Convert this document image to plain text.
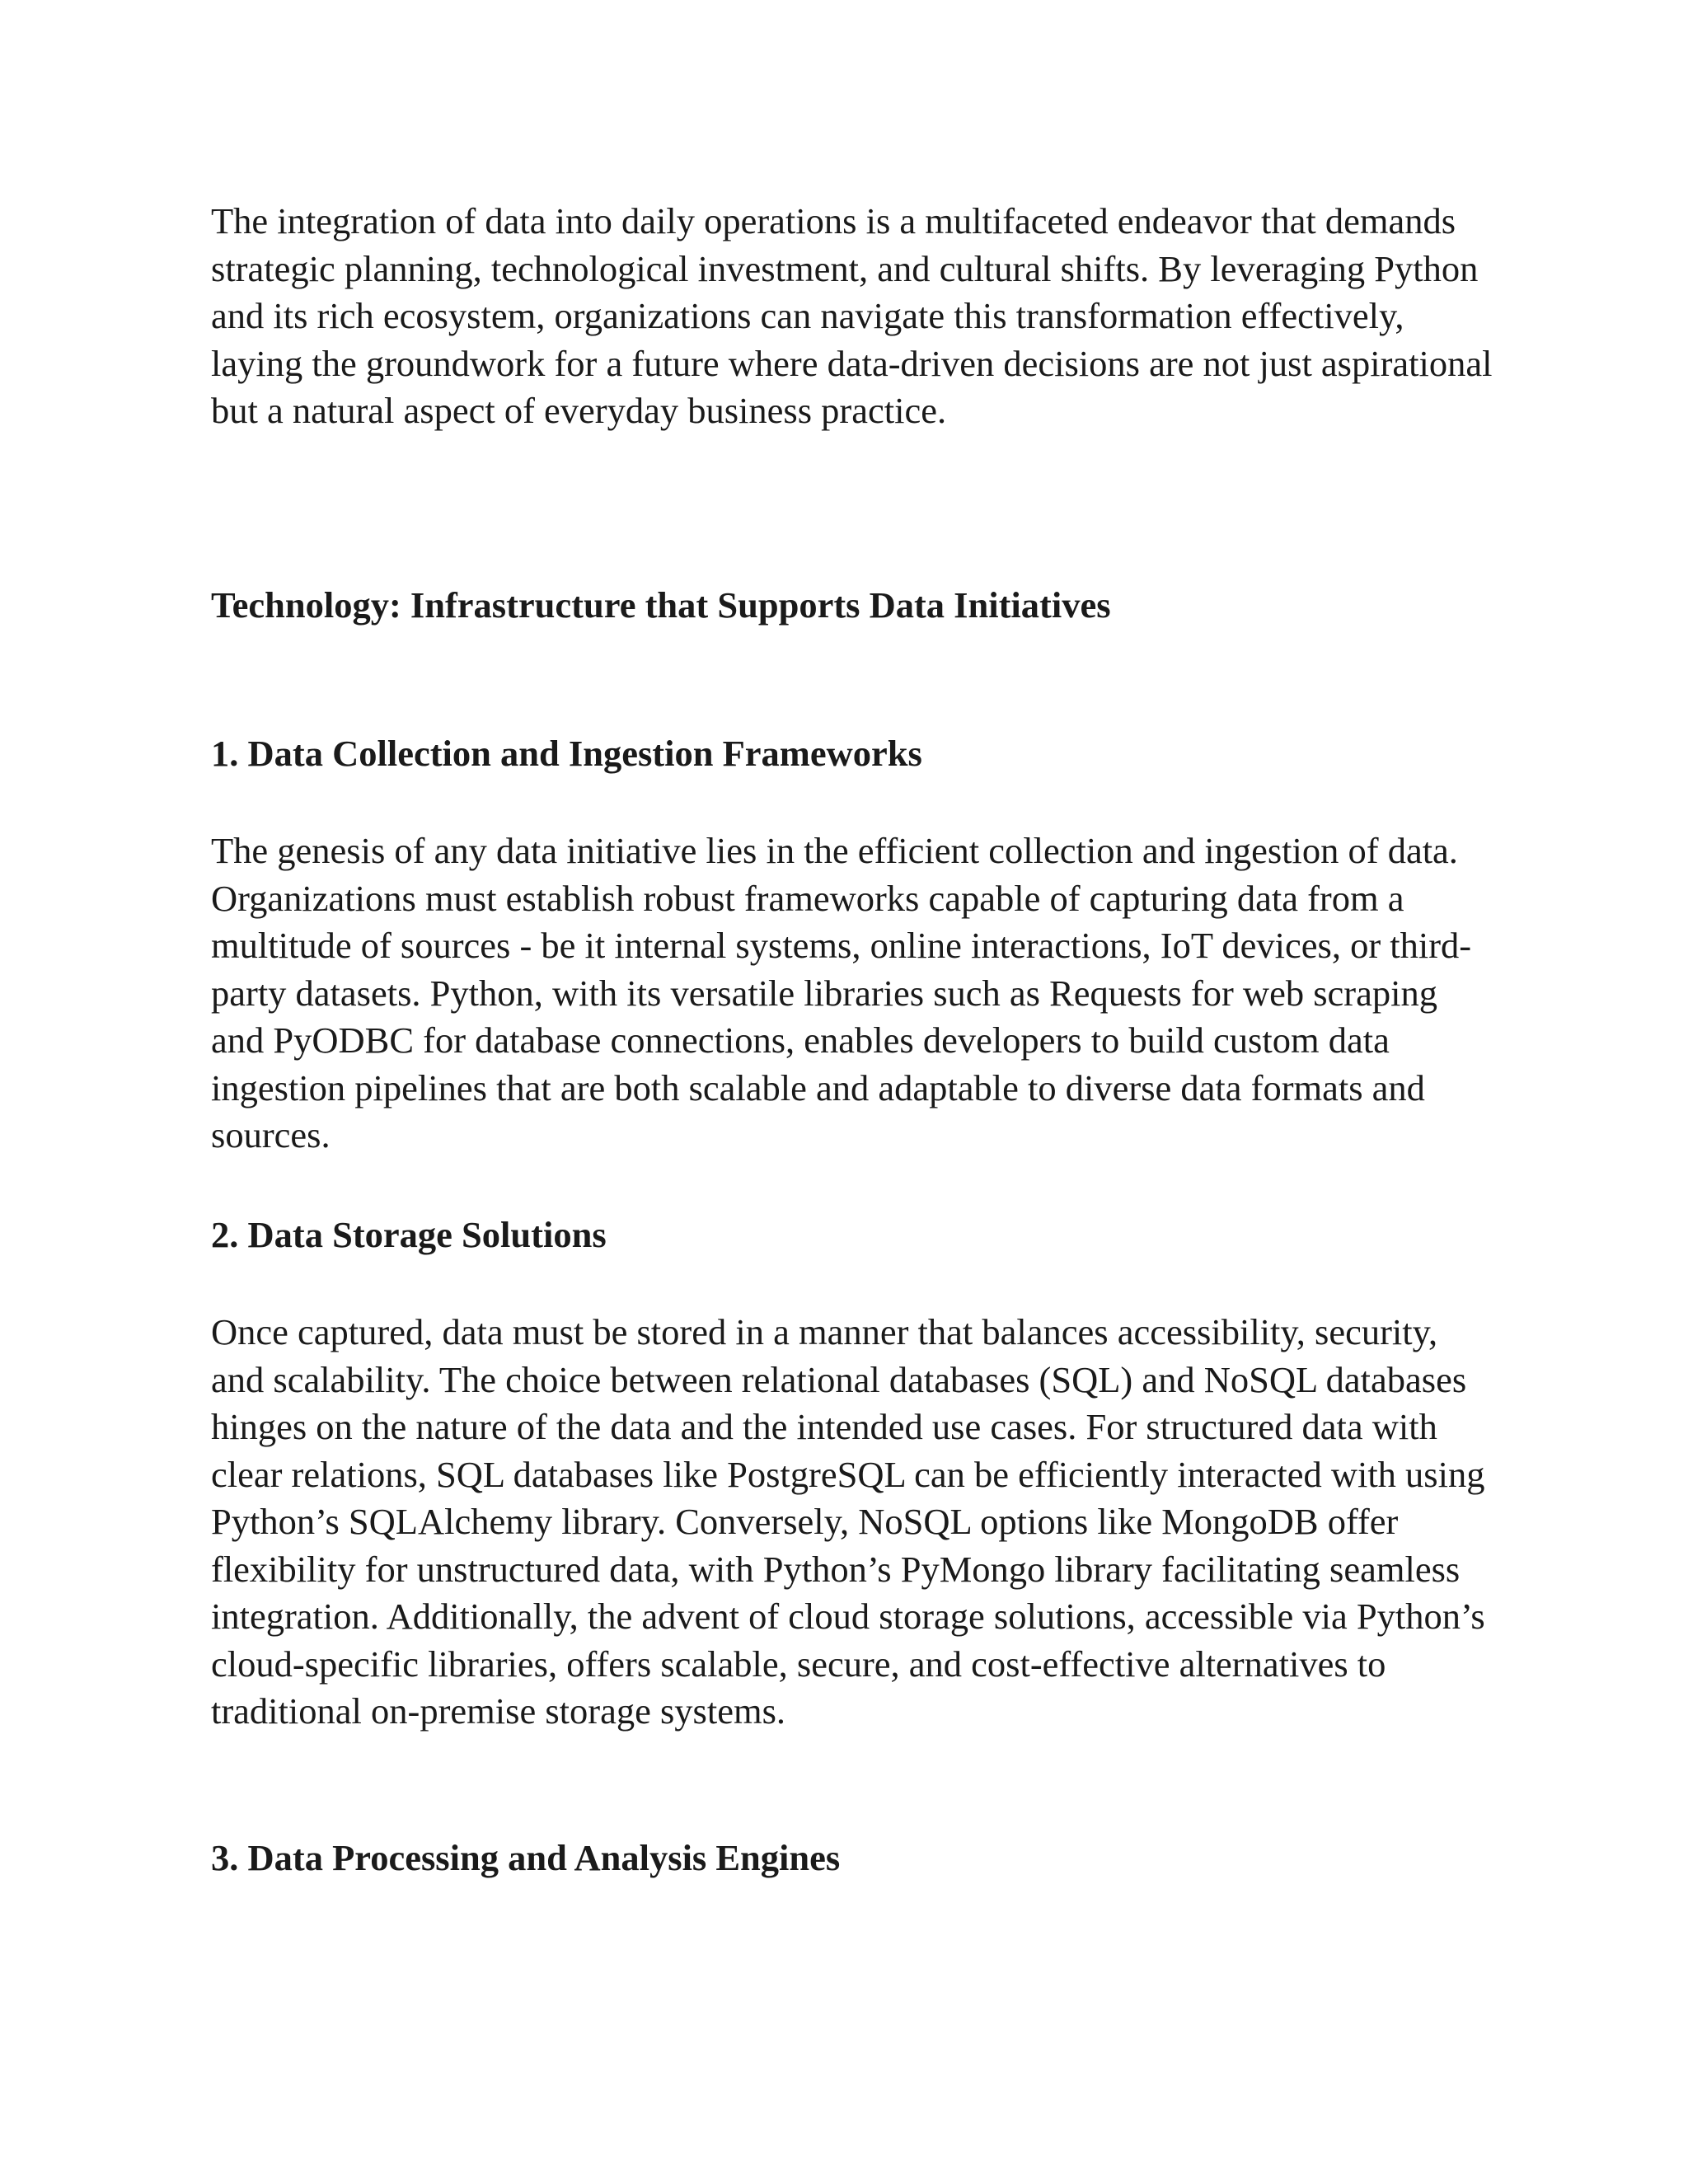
The integration of data into daily operations is a multifaceted endeavor that demands strategic planning, technological investment, and cultural shifts. By leveraging Python and its rich ecosystem, organizations can navigate this transformation effectively, laying the groundwork for a future where data-driven decisions are not just aspirational but a natural aspect of everyday business practice.

Technology: Infrastructure that Supports Data Initiatives
1. Data Collection and Ingestion Frameworks

The genesis of any data initiative lies in the efficient collection and ingestion of data. Organizations must establish robust frameworks capable of capturing data from a multitude of sources - be it internal systems, online interactions, IoT devices, or third-party datasets. Python, with its versatile libraries such as Requests for web scraping and PyODBC for database connections, enables developers to build custom data ingestion pipelines that are both scalable and adaptable to diverse data formats and sources.

2. Data Storage Solutions

Once captured, data must be stored in a manner that balances accessibility, security, and scalability. The choice between relational databases (SQL) and NoSQL databases hinges on the nature of the data and the intended use cases. For structured data with clear relations, SQL databases like PostgreSQL can be efficiently interacted with using Python’s SQLAlchemy library. Conversely, NoSQL options like MongoDB offer flexibility for unstructured data, with Python’s PyMongo library facilitating seamless integration. Additionally, the advent of cloud storage solutions, accessible via Python’s cloud-specific libraries, offers scalable, secure, and cost-effective alternatives to traditional on-premise storage systems.

3. Data Processing and Analysis Engines
